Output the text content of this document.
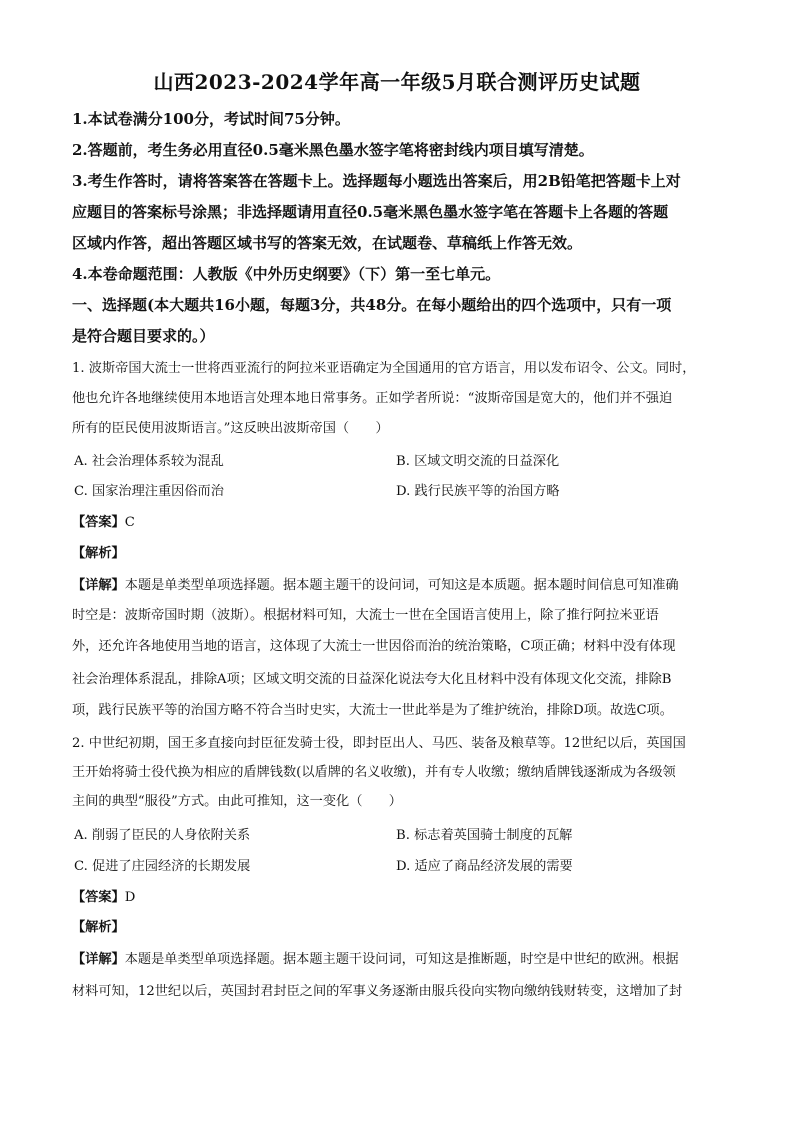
山西2023-2024学年高一年级5月联合测评历史试题
1.本试卷满分100分，考试时间75分钟。
2.答题前，考生务必用直径0.5毫米黑色墨水签字笔将密封线内项目填写清楚。
3.考生作答时，请将答案答在答题卡上。选择题每小题选出答案后，用2B铅笔把答题卡上对
应题目的答案标号涂黑；非选择题请用直径0.5毫米黑色墨水签字笔在答题卡上各题的答题
区域内作答，超出答题区域书写的答案无效，在试题卷、草稿纸上作答无效。
4.本卷命题范围：人教版《中外历史纲要》（下）第一至七单元。
一、选择题(本大题共16小题，每题3分，共48分。在每小题给出的四个选项中，只有一项
是符合题目要求的。）
1. 波斯帝国大流士一世将西亚流行的阿拉米亚语确定为全国通用的官方语言，用以发布诏令、公文。同时，
他也允许各地继续使用本地语言处理本地日常事务。正如学者所说：“波斯帝国是宽大的，他们并不强迫
所有的臣民使用波斯语言。”这反映出波斯帝国（　　）
A. 社会治理体系较为混乱	B. 区域文明交流的日益深化
C. 国家治理注重因俗而治	D. 践行民族平等的治国方略
【答案】C
【解析】
【详解】本题是单类型单项选择题。据本题主题干的设问词，可知这是本质题。据本题时间信息可知准确
时空是：波斯帝国时期（波斯）。根据材料可知，大流士一世在全国语言使用上，除了推行阿拉米亚语
外，还允许各地使用当地的语言，这体现了大流士一世因俗而治的统治策略，C项正确；材料中没有体现
社会治理体系混乱，排除A项；区域文明交流的日益深化说法夸大化且材料中没有体现文化交流，排除B
项，践行民族平等的治国方略不符合当时史实，大流士一世此举是为了维护统治，排除D项。故选C项。
2. 中世纪初期，国王多直接向封臣征发骑士役，即封臣出人、马匹、装备及粮草等。12世纪以后，英国国
王开始将骑士役代换为相应的盾牌钱数(以盾牌的名义收缴)，并有专人收缴；缴纳盾牌钱逐渐成为各级领
主间的典型“服役”方式。由此可推知，这一变化（　　）
A. 削弱了臣民的人身依附关系	B. 标志着英国骑士制度的瓦解
C. 促进了庄园经济的长期发展	D. 适应了商品经济发展的需要
【答案】D
【解析】
【详解】本题是单类型单项选择题。据本题主题干设问词，可知这是推断题，时空是中世纪的欧洲。根据
材料可知，12世纪以后，英国封君封臣之间的军事义务逐渐由服兵役向实物向缴纳钱财转变，这增加了封
